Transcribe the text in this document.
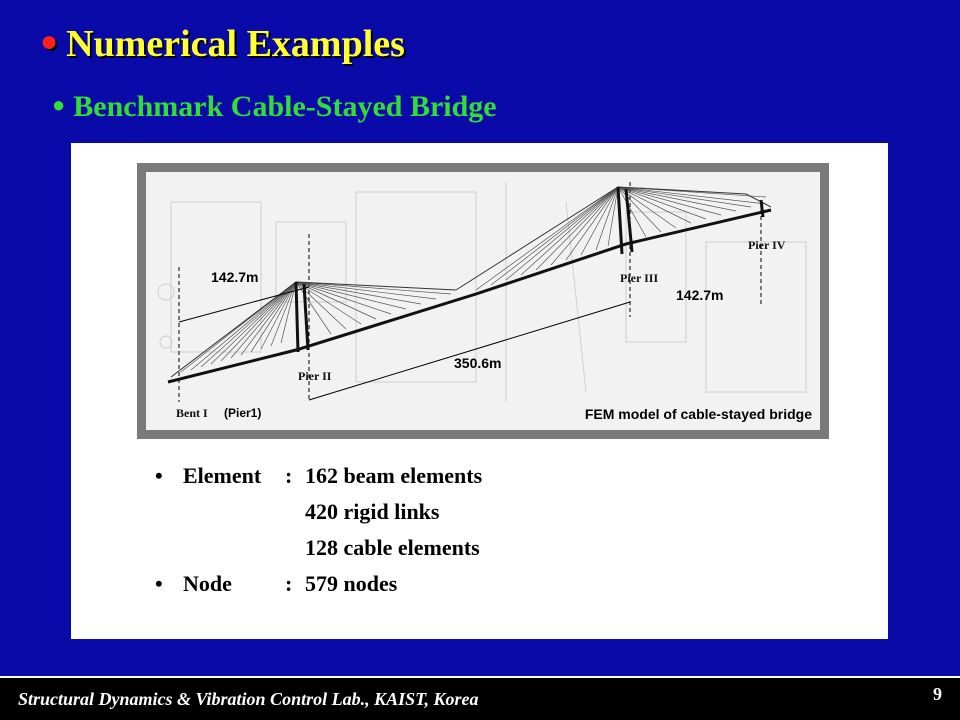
● Numerical Examples
● Benchmark Cable-Stayed Bridge
142.7m
142.7m
350.6m
Pier II
Pier III
Pier IV
Bent I (Pier1)	FEM model of cable-stayed bridge
• Element : 162 beam elements
420 rigid links
128 cable elements
• Node : 579 nodes
Structural Dynamics & Vibration Control Lab., KAIST, Korea	9
